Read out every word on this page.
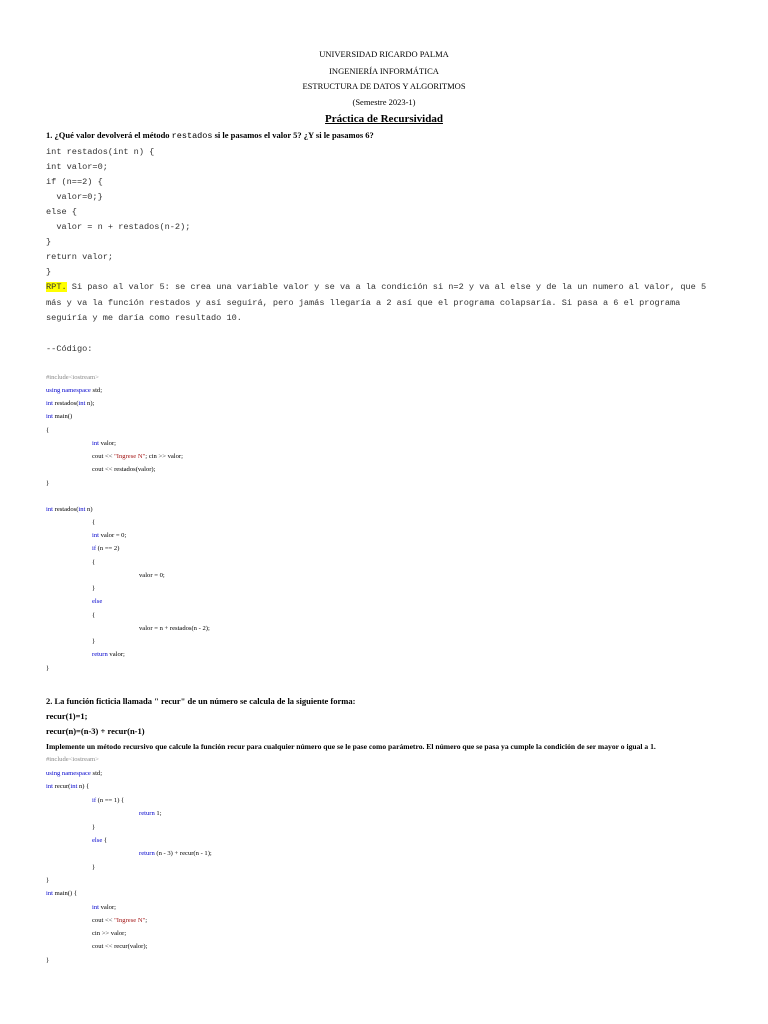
UNIVERSIDAD RICARDO PALMA
INGENIERÍA INFORMÁTICA
ESTRUCTURA DE DATOS Y ALGORITMOS
(Semestre 2023-1)
Práctica de Recursividad
1. ¿Qué valor devolverá el método restados si le pasamos el valor 5? ¿Y si le pasamos 6?
int restados(int n) {
int valor=0;
if (n==2) {
valor=0;}
else {
valor = n + restados(n-2);
}
return valor;
}
RPT. Si paso al valor 5: se crea una variable valor y se va a la condición si n=2 y va al else y de la un numero al valor, que 5 más y va la función restados y así seguirá, pero jamás llegaría a 2 así que el programa colapsaría. Si pasa a 6 el programa seguiría y me daría como resultado 10.
--Código:
#include<iostream>
using namespace std;
int restados(int n);
int main()
{
int valor;
cout << "Ingrese N"; cin >> valor;
cout << restados(valor);
}
int restados(int n)
{
int valor = 0;
if (n == 2)
{
valor = 0;
}
else
{
valor = n + restados(n - 2);
}
return valor;
}
2. La función ficticia llamada " recur" de un número se calcula de la siguiente forma:
recur(1)=1;
recur(n)=(n-3) + recur(n-1)
Implemente un método recursivo que calcule la función recur para cualquier número que se le pase como parámetro. El número que se pasa ya cumple la condición de ser mayor o igual a 1.
#include<iostream>
using namespace std;
int recur(int n) {
if (n == 1) {
return 1;
}
else {
return (n - 3) + recur(n - 1);
}
}
int main() {
int valor;
cout << "Ingrese N";
cin >> valor;
cout << recur(valor);
}
